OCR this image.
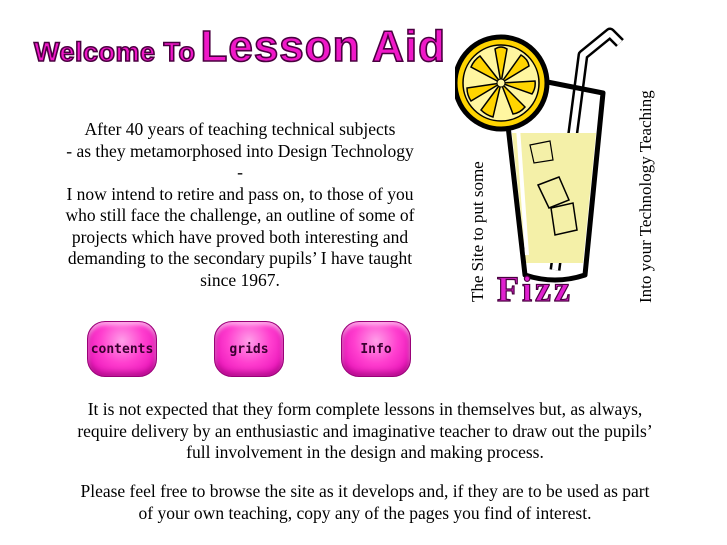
Welcome To Lesson Aid
After 40 years of teaching technical subjects
- as they metamorphosed into Design Technology
-
I now intend to retire and pass on, to those of you
who still face the challenge, an outline of some of
projects which have proved both interesting and
demanding to the secondary pupils’ I have taught
since 1967.	The Site to put some Fizz	Into your Technology Teaching
contents	grids	Info
It is not expected that they form complete lessons in themselves but, as always,
require delivery by an enthusiastic and imaginative teacher to draw out the pupils’
full involvement in the design and making process.
Please feel free to browse the site as it develops and, if they are to be used as part
of your own teaching, copy any of the pages you find of interest.
